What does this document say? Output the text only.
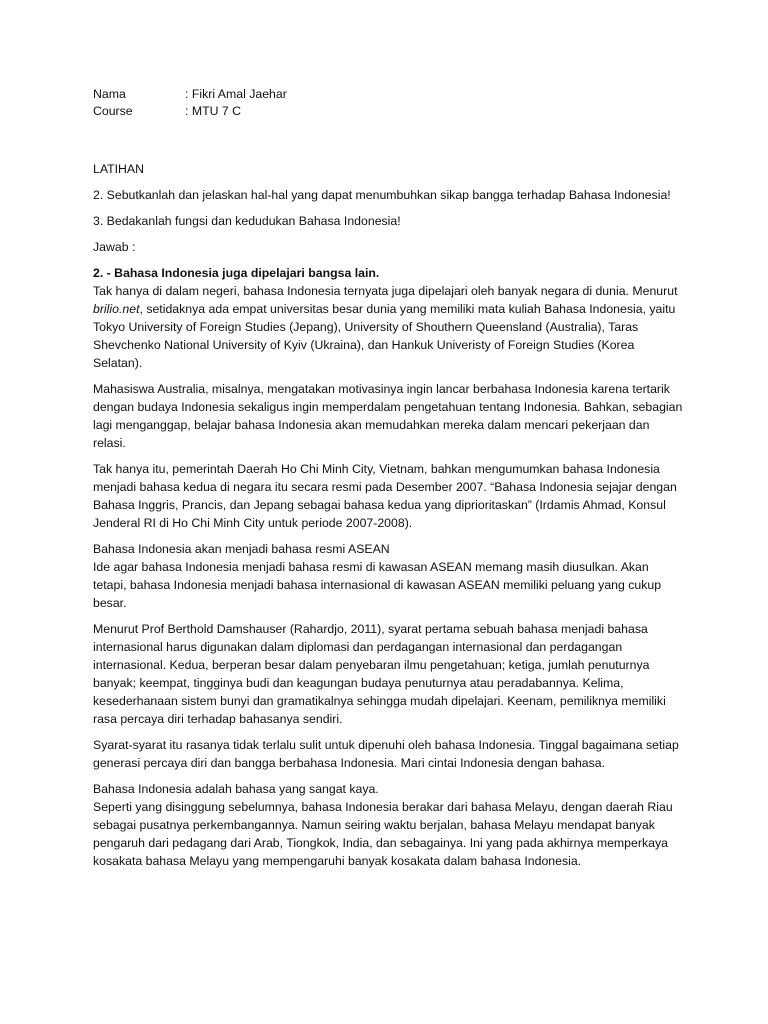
Nama	: Fikri Amal Jaehar
Course	: MTU 7 C

LATIHAN

2. Sebutkanlah dan jelaskan hal-hal yang dapat menumbuhkan sikap bangga terhadap Bahasa Indonesia!

3. Bedakanlah fungsi dan kedudukan Bahasa Indonesia!

Jawab :

2. - Bahasa Indonesia juga dipelajari bangsa lain.

Tak hanya di dalam negeri, bahasa Indonesia ternyata juga dipelajari oleh banyak negara di dunia. Menurut brilio.net, setidaknya ada empat universitas besar dunia yang memiliki mata kuliah Bahasa Indonesia, yaitu Tokyo University of Foreign Studies (Jepang), University of Shouthern Queensland (Australia), Taras Shevchenko National University of Kyiv (Ukraina), dan Hankuk Univeristy of Foreign Studies (Korea Selatan).

Mahasiswa Australia, misalnya, mengatakan motivasinya ingin lancar berbahasa Indonesia karena tertarik dengan budaya Indonesia sekaligus ingin memperdalam pengetahuan tentang Indonesia. Bahkan, sebagian lagi menganggap, belajar bahasa Indonesia akan memudahkan mereka dalam mencari pekerjaan dan relasi.

Tak hanya itu, pemerintah Daerah Ho Chi Minh City, Vietnam, bahkan mengumumkan bahasa Indonesia menjadi bahasa kedua di negara itu secara resmi pada Desember 2007. “Bahasa Indonesia sejajar dengan Bahasa Inggris, Prancis, dan Jepang sebagai bahasa kedua yang diprioritaskan” (Irdamis Ahmad, Konsul Jenderal RI di Ho Chi Minh City untuk periode 2007-2008).

Bahasa Indonesia akan menjadi bahasa resmi ASEAN

Ide agar bahasa Indonesia menjadi bahasa resmi di kawasan ASEAN memang masih diusulkan. Akan tetapi, bahasa Indonesia menjadi bahasa internasional di kawasan ASEAN memiliki peluang yang cukup besar.

Menurut Prof Berthold Damshauser (Rahardjo, 2011), syarat pertama sebuah bahasa menjadi bahasa internasional harus digunakan dalam diplomasi dan perdagangan internasional dan perdagangan internasional. Kedua, berperan besar dalam penyebaran ilmu pengetahuan; ketiga, jumlah penuturnya banyak; keempat, tingginya budi dan keagungan budaya penuturnya atau peradabannya. Kelima, kesederhanaan sistem bunyi dan gramatikalnya sehingga mudah dipelajari. Keenam, pemiliknya memiliki rasa percaya diri terhadap bahasanya sendiri.

Syarat-syarat itu rasanya tidak terlalu sulit untuk dipenuhi oleh bahasa Indonesia. Tinggal bagaimana setiap generasi percaya diri dan bangga berbahasa Indonesia. Mari cintai Indonesia dengan bahasa.

Bahasa Indonesia adalah bahasa yang sangat kaya.

Seperti yang disinggung sebelumnya, bahasa Indonesia berakar dari bahasa Melayu, dengan daerah Riau sebagai pusatnya perkembangannya. Namun seiring waktu berjalan, bahasa Melayu mendapat banyak pengaruh dari pedagang dari Arab, Tiongkok, India, dan sebagainya. Ini yang pada akhirnya memperkaya kosakata bahasa Melayu yang mempengaruhi banyak kosakata dalam bahasa Indonesia.
